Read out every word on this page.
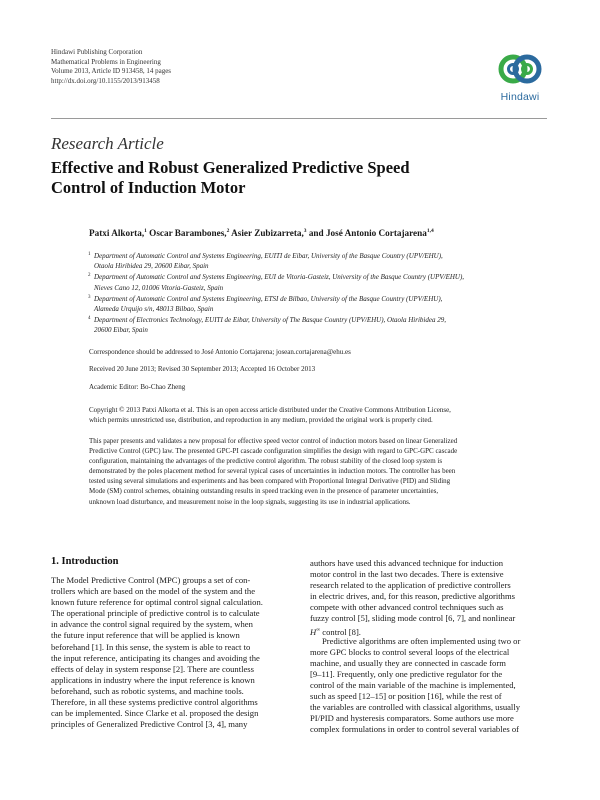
Hindawi Publishing Corporation
Mathematical Problems in Engineering
Volume 2013, Article ID 913458, 14 pages
http://dx.doi.org/10.1155/2013/913458
Hindawi
Research Article
Effective and Robust Generalized Predictive Speed
Control of Induction Motor
Patxi Alkorta,$^1$ Oscar Barambones,$^2$ Asier Zubizarreta,$^3$ and José Antonio Cortajarena$^{1,4}$
1 Department of Automatic Control and Systems Engineering, EUITI de Eibar, University of the Basque Country (UPV/EHU),
Otaola Hiribidea 29, 20600 Eibar, Spain
2 Department of Automatic Control and Systems Engineering, EUI de Vitoria-Gasteiz, University of the Basque Country (UPV/EHU),
Nieves Cano 12, 01006 Vitoria-Gasteiz, Spain
3 Department of Automatic Control and Systems Engineering, ETSI de Bilbao, University of the Basque Country (UPV/EHU),
Alameda Urquijo s/n, 48013 Bilbao, Spain
4 Department of Electronics Technology, EUITI de Eibar, University of The Basque Country (UPV/EHU), Otaola Hiribidea 29,
20600 Eibar, Spain
Correspondence should be addressed to José Antonio Cortajarena; josean.cortajarena@ehu.es
Received 20 June 2013; Revised 30 September 2013; Accepted 16 October 2013
Academic Editor: Bo-Chao Zheng
Copyright © 2013 Patxi Alkorta et al. This is an open access article distributed under the Creative Commons Attribution License,
which permits unrestricted use, distribution, and reproduction in any medium, provided the original work is properly cited.
This paper presents and validates a new proposal for effective speed vector control of induction motors based on linear Generalized
Predictive Control (GPC) law. The presented GPC-PI cascade configuration simplifies the design with regard to GPC-GPC cascade
configuration, maintaining the advantages of the predictive control algorithm. The robust stability of the closed loop system is
demonstrated by the poles placement method for several typical cases of uncertainties in induction motors. The controller has been
tested using several simulations and experiments and has been compared with Proportional Integral Derivative (PID) and Sliding
Mode (SM) control schemes, obtaining outstanding results in speed tracking even in the presence of parameter uncertainties,
unknown load disturbance, and measurement noise in the loop signals, suggesting its use in industrial applications.
1. Introduction
The Model Predictive Control (MPC) groups a set of con-
trollers which are based on the model of the system and the
known future reference for optimal control signal calculation.
The operational principle of predictive control is to calculate
in advance the control signal required by the system, when
the future input reference that will be applied is known
beforehand [1]. In this sense, the system is able to react to
the input reference, anticipating its changes and avoiding the
effects of delay in system response [2]. There are countless
applications in industry where the input reference is known
beforehand, such as robotic systems, and machine tools.
Therefore, in all these systems predictive control algorithms
can be implemented. Since Clarke et al. proposed the design
principles of Generalized Predictive Control [3, 4], many
authors have used this advanced technique for induction
motor control in the last two decades. There is extensive
research related to the application of predictive controllers
in electric drives, and, for this reason, predictive algorithms
compete with other advanced control techniques such as
fuzzy control [5], sliding mode control [6, 7], and nonlinear
H∞ control [8].
Predictive algorithms are often implemented using two or
more GPC blocks to control several loops of the electrical
machine, and usually they are connected in cascade form
[9–11]. Frequently, only one predictive regulator for the
control of the main variable of the machine is implemented,
such as speed [12–15] or position [16], while the rest of
the variables are controlled with classical algorithms, usually
PI/PID and hysteresis comparators. Some authors use more
complex formulations in order to control several variables of
